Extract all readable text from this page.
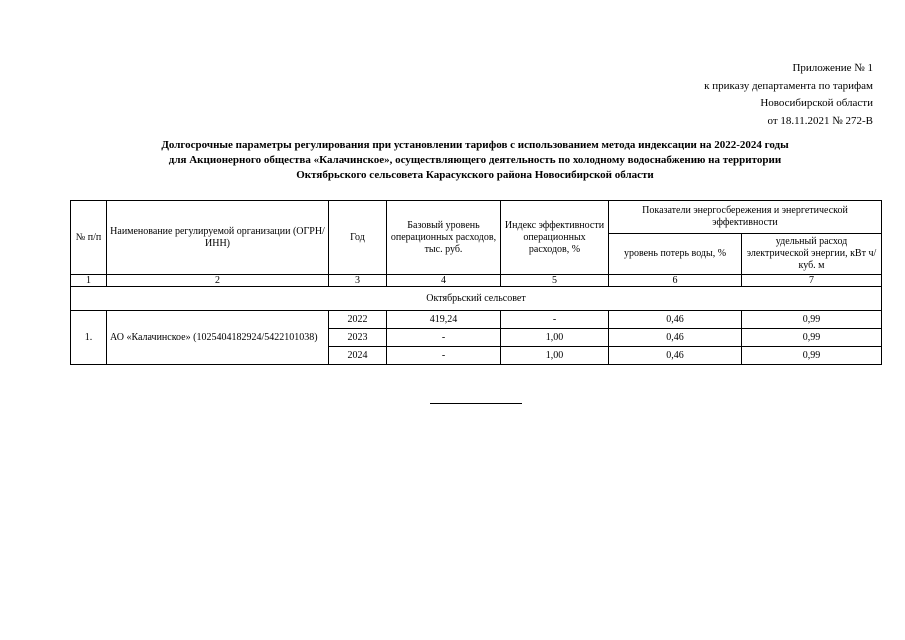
Приложение № 1
к приказу департамента по тарифам
Новосибирской области
от 18.11.2021 № 272-В
Долгосрочные параметры регулирования при установлении тарифов с использованием метода индексации на 2022-2024 годы
для Акционерного общества «Калачинское», осуществляющего деятельность по холодному водоснабжению на территории
Октябрьского сельсовета Карасукского района Новосибирской области
№ п/п	Наименование регулируемой организации (ОГРН/ИНН)	Год	Базовый уровень операционных расходов, тыс. руб.	Индекс эффективности операционных расходов, %	Показатели энергосбережения и энергетической эффективности	
					уровень потерь воды, %	удельный расход электрической энергии, кВт ч/куб. м
1	2	3	4	5	6	7
Октябрьский сельсовет						
1.	АО «Калачинское» (1025404182924/5422101038)	2022	419,24	-	0,46	0,99
		2023	-	1,00	0,46	0,99
		2024	-	1,00	0,46	0,99
